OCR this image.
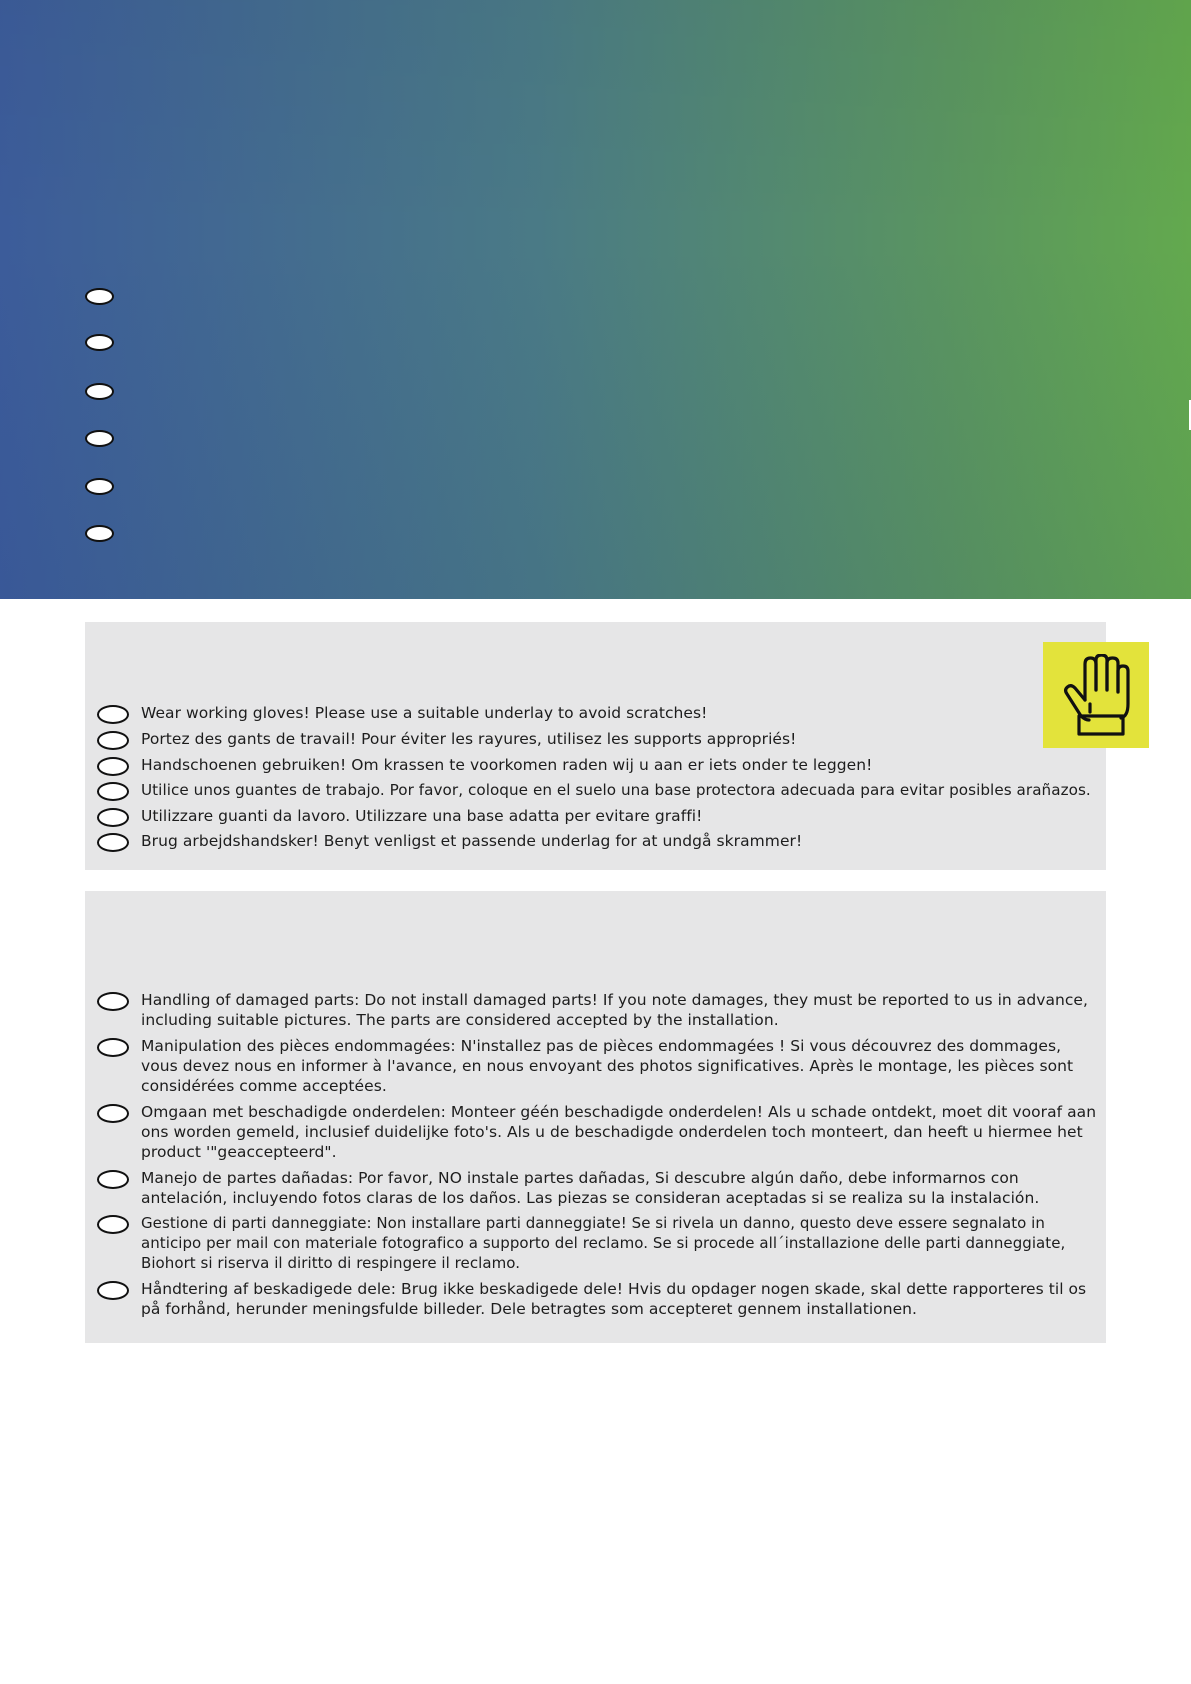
Wear working gloves! Please use a suitable underlay to avoid scratches!
Portez des gants de travail! Pour éviter les rayures, utilisez les supports appropriés!
Handschoenen gebruiken! Om krassen te voorkomen raden wij u aan er iets onder te leggen!
Utilice unos guantes de trabajo. Por favor, coloque en el suelo una base protectora adecuada para evitar posibles arañazos.
Utilizzare guanti da lavoro. Utilizzare una base adatta per evitare graffi!
Brug arbejdshandsker! Benyt venligst et passende underlag for at undgå skrammer!
Handling of damaged parts: Do not install damaged parts! If you note damages, they must be reported to us in advance, including suitable pictures. The parts are considered accepted by the installation.
Manipulation des pièces endommagées: N'installez pas de pièces endommagées ! Si vous découvrez des dommages, vous devez nous en informer à l'avance, en nous envoyant des photos significatives. Après le montage, les pièces sont considérées comme acceptées.
Omgaan met beschadigde onderdelen: Monteer géén beschadigde onderdelen! Als u schade ontdekt, moet dit vooraf aan ons worden gemeld, inclusief duidelijke foto's. Als u de beschadigde onderdelen toch monteert, dan heeft u hiermee het product '"geaccepteerd".
Manejo de partes dañadas: Por favor, NO instale partes dañadas, Si descubre algún daño, debe informarnos con antelación, incluyendo fotos claras de los daños. Las piezas se consideran aceptadas si se realiza su la instalación.
Gestione di parti danneggiate: Non installare parti danneggiate! Se si rivela un danno, questo deve essere segnalato in anticipo per mail con materiale fotografico a supporto del reclamo. Se si procede all´installazione delle parti danneggiate, Biohort si riserva il diritto di respingere il reclamo.
Håndtering af beskadigede dele: Brug ikke beskadigede dele! Hvis du opdager nogen skade, skal dette rapporteres til os på forhånd, herunder meningsfulde billeder. Dele betragtes som accepteret gennem installationen.
